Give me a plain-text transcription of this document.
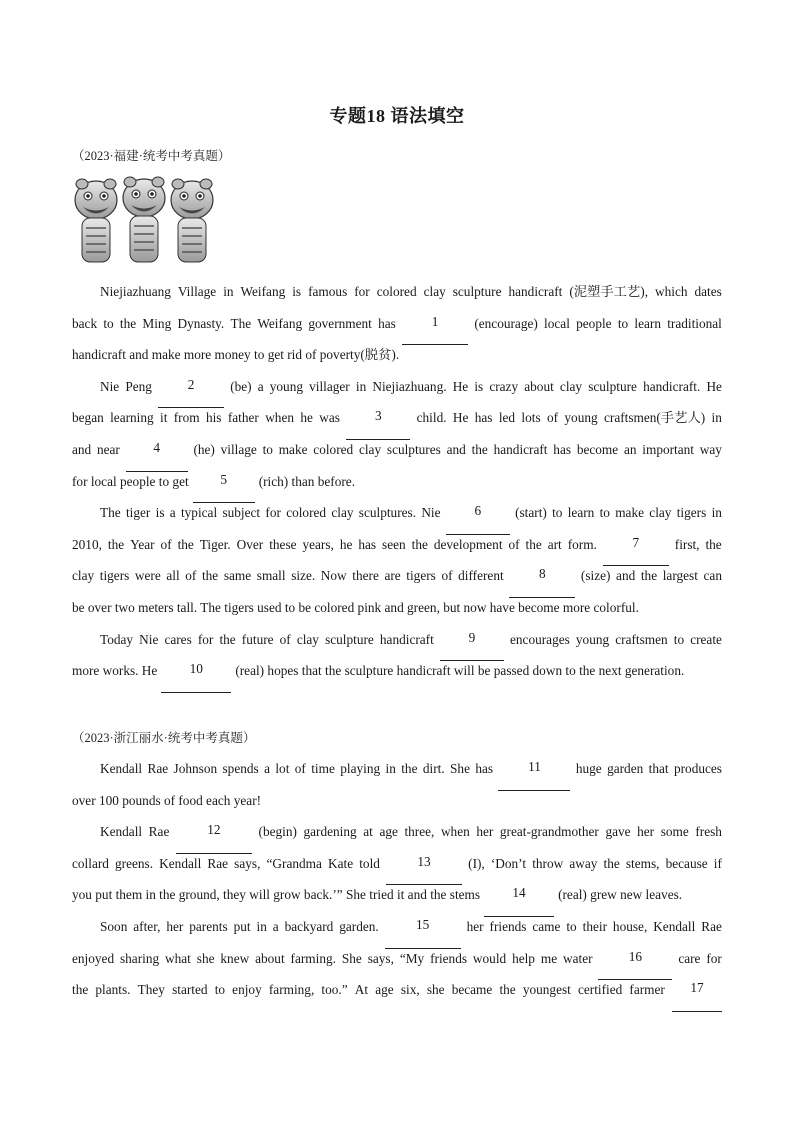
专题18 语法填空
（2023·福建·统考中考真题）
Niejiazhuang Village in Weifang is famous for colored clay sculpture handicraft (泥塑手工艺), which dates
back to the Ming Dynasty. The Weifang government has	1	(encourage) local people to learn traditional
handicraft and make more money to get rid of poverty(脱贫).
Nie Peng	2	(be) a young villager in Niejiazhuang. He is crazy about clay sculpture handicraft. He
began learning it from his father when he was	3	child. He has led lots of young craftsmen(手艺人) in
and near	4	(he) village to make colored clay sculptures and the handicraft has become an important way
for local people to get	5	(rich) than before.
The tiger is a typical subject for colored clay sculptures. Nie	6	(start) to learn to make clay tigers in
2010, the Year of the Tiger. Over these years, he has seen the development of the art form.	7	first, the
clay tigers were all of the same small size. Now there are tigers of different	8	(size) and the largest can
be over two meters tall. The tigers used to be colored pink and green, but now have become more colorful.
Today Nie cares for the future of clay sculpture handicraft	9	encourages young craftsmen to create
more works. He	10	(real) hopes that the sculpture handicraft will be passed down to the next generation.
（2023·浙江丽水·统考中考真题）
Kendall Rae Johnson spends a lot of time playing in the dirt. She has	11	huge garden that produces
over 100 pounds of food each year!
Kendall Rae	12	(begin) gardening at age three, when her great-grandmother gave her some fresh
collard greens. Kendall Rae says, “Grandma Kate told	13	(I), ‘Don’t throw away the stems, because if
you put them in the ground, they will grow back.’” She tried it and the stems	14	(real) grew new leaves.
Soon after, her parents put in a backyard garden.	15	her friends came to their house, Kendall Rae
enjoyed sharing what she knew about farming. She says, “My friends would help me water	16	care for
the plants. They started to enjoy farming, too.” At age six, she became the youngest certified farmer	17
